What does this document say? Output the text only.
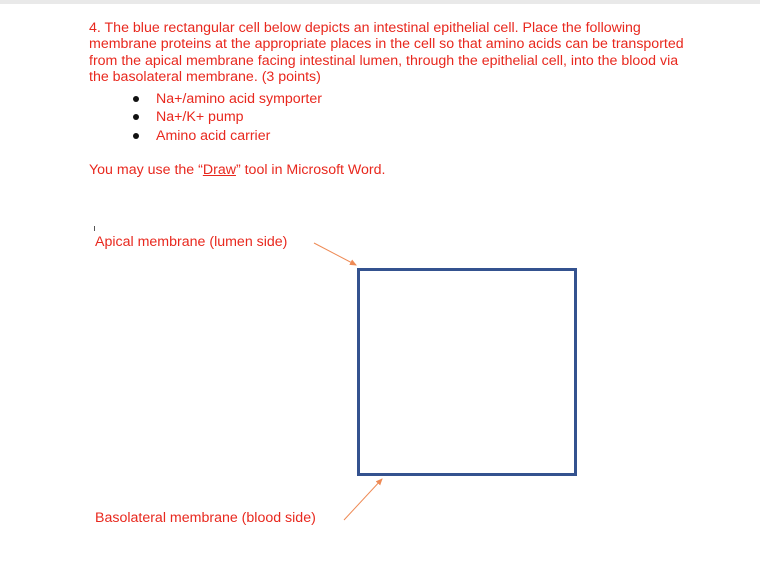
4. The blue rectangular cell below depicts an intestinal epithelial cell. Place the following membrane proteins at the appropriate places in the cell so that amino acids can be transported from the apical membrane facing intestinal lumen, through the epithelial cell, into the blood via the basolateral membrane. (3 points)

Na+/amino acid symporter
Na+/K+ pump
Amino acid carrier

You may use the “Draw” tool in Microsoft Word.

Apical membrane (lumen side)
Basolateral membrane (blood side)
